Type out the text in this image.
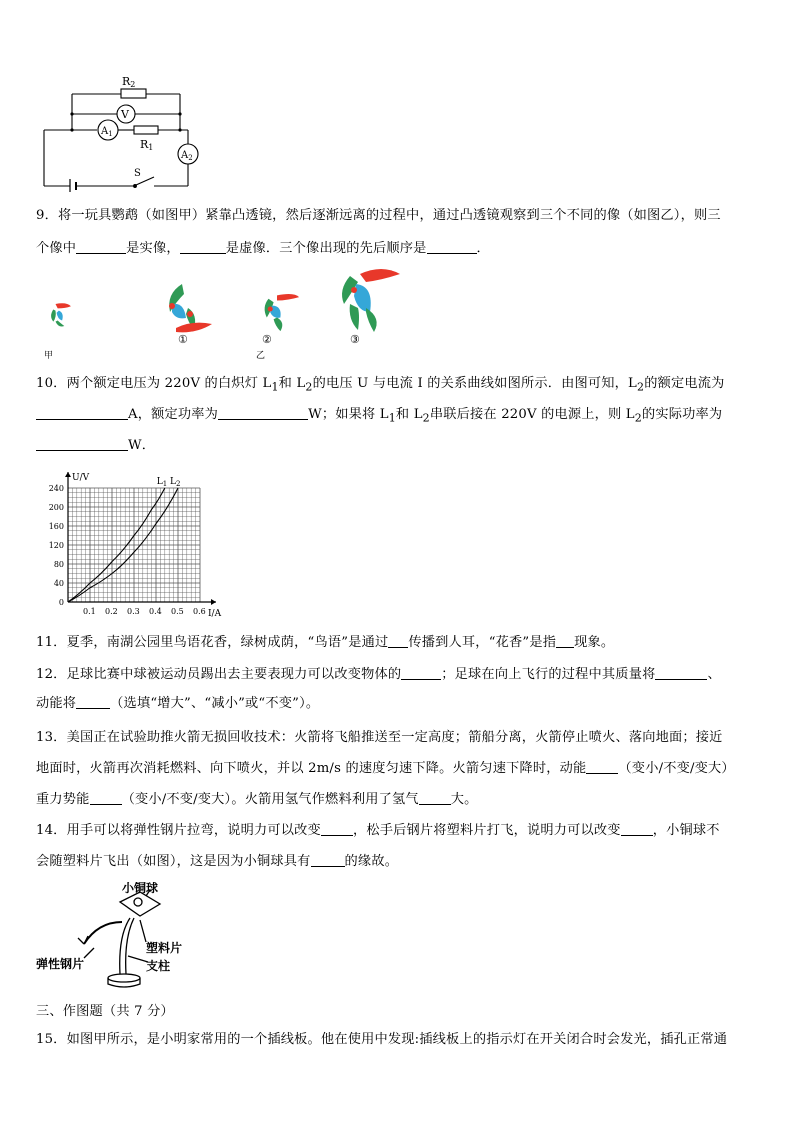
R2
V
$A_1$
R1
$A_2$
S
9．将一玩具鹦鹉（如图甲）紧靠凸透镜，然后逐渐远离的过程中，通过凸透镜观察到三个不同的像（如图乙），则三
个像中	是实像，	是虚像．三个像出现的先后顺序是	．
甲
①	②	③
乙
10．两个额定电压为 220V 的白炽灯 $L_1$和 $L_2$的电压 U 与电流 I 的关系曲线如图所示．由图可知，$L_2$的额定电流为
A，额定功率为	W；如果将 $L_1$和 $L_2$串联后接在 220V 的电源上，则 $L_2$的实际功率为
W．
U/V
I/A
0.1 0.2 0.3 0.4 0.5 0.6
0
40
80
120
160
200
240
$L_1$ $L_2$
11．夏季，南湖公园里鸟语花香，绿树成荫，“鸟语”是通过 传播到人耳，“花香”是指 现象。
12．足球比赛中球被运动员踢出去主要表现力可以改变物体的	；足球在向上飞行的过程中其质量将	、
动能将	（选填“增大”、“减小”或“不变”）。
13．美国正在试验助推火箭无损回收技术：火箭将飞船推送至一定高度；箭船分离，火箭停止喷火、落向地面；接近
地面时，火箭再次消耗燃料、向下喷火，并以 2m/s 的速度匀速下降。火箭匀速下降时，动能 （变小/不变/变大）
重力势能 （变小/不变/变大）。火箭用氢气作燃料利用了氢气 大。
14．用手可以将弹性钢片拉弯，说明力可以改变 ，松手后钢片将塑料片打飞，说明力可以改变 ，小铜球不
会随塑料片飞出（如图），这是因为小铜球具有	的缘故。
小铜球
塑料片
支柱
弹性钢片
三、作图题（共 7 分）
15．如图甲所示，是小明家常用的一个插线板。他在使用中发现:插线板上的指示灯在开关闭合时会发光，插孔正常通
